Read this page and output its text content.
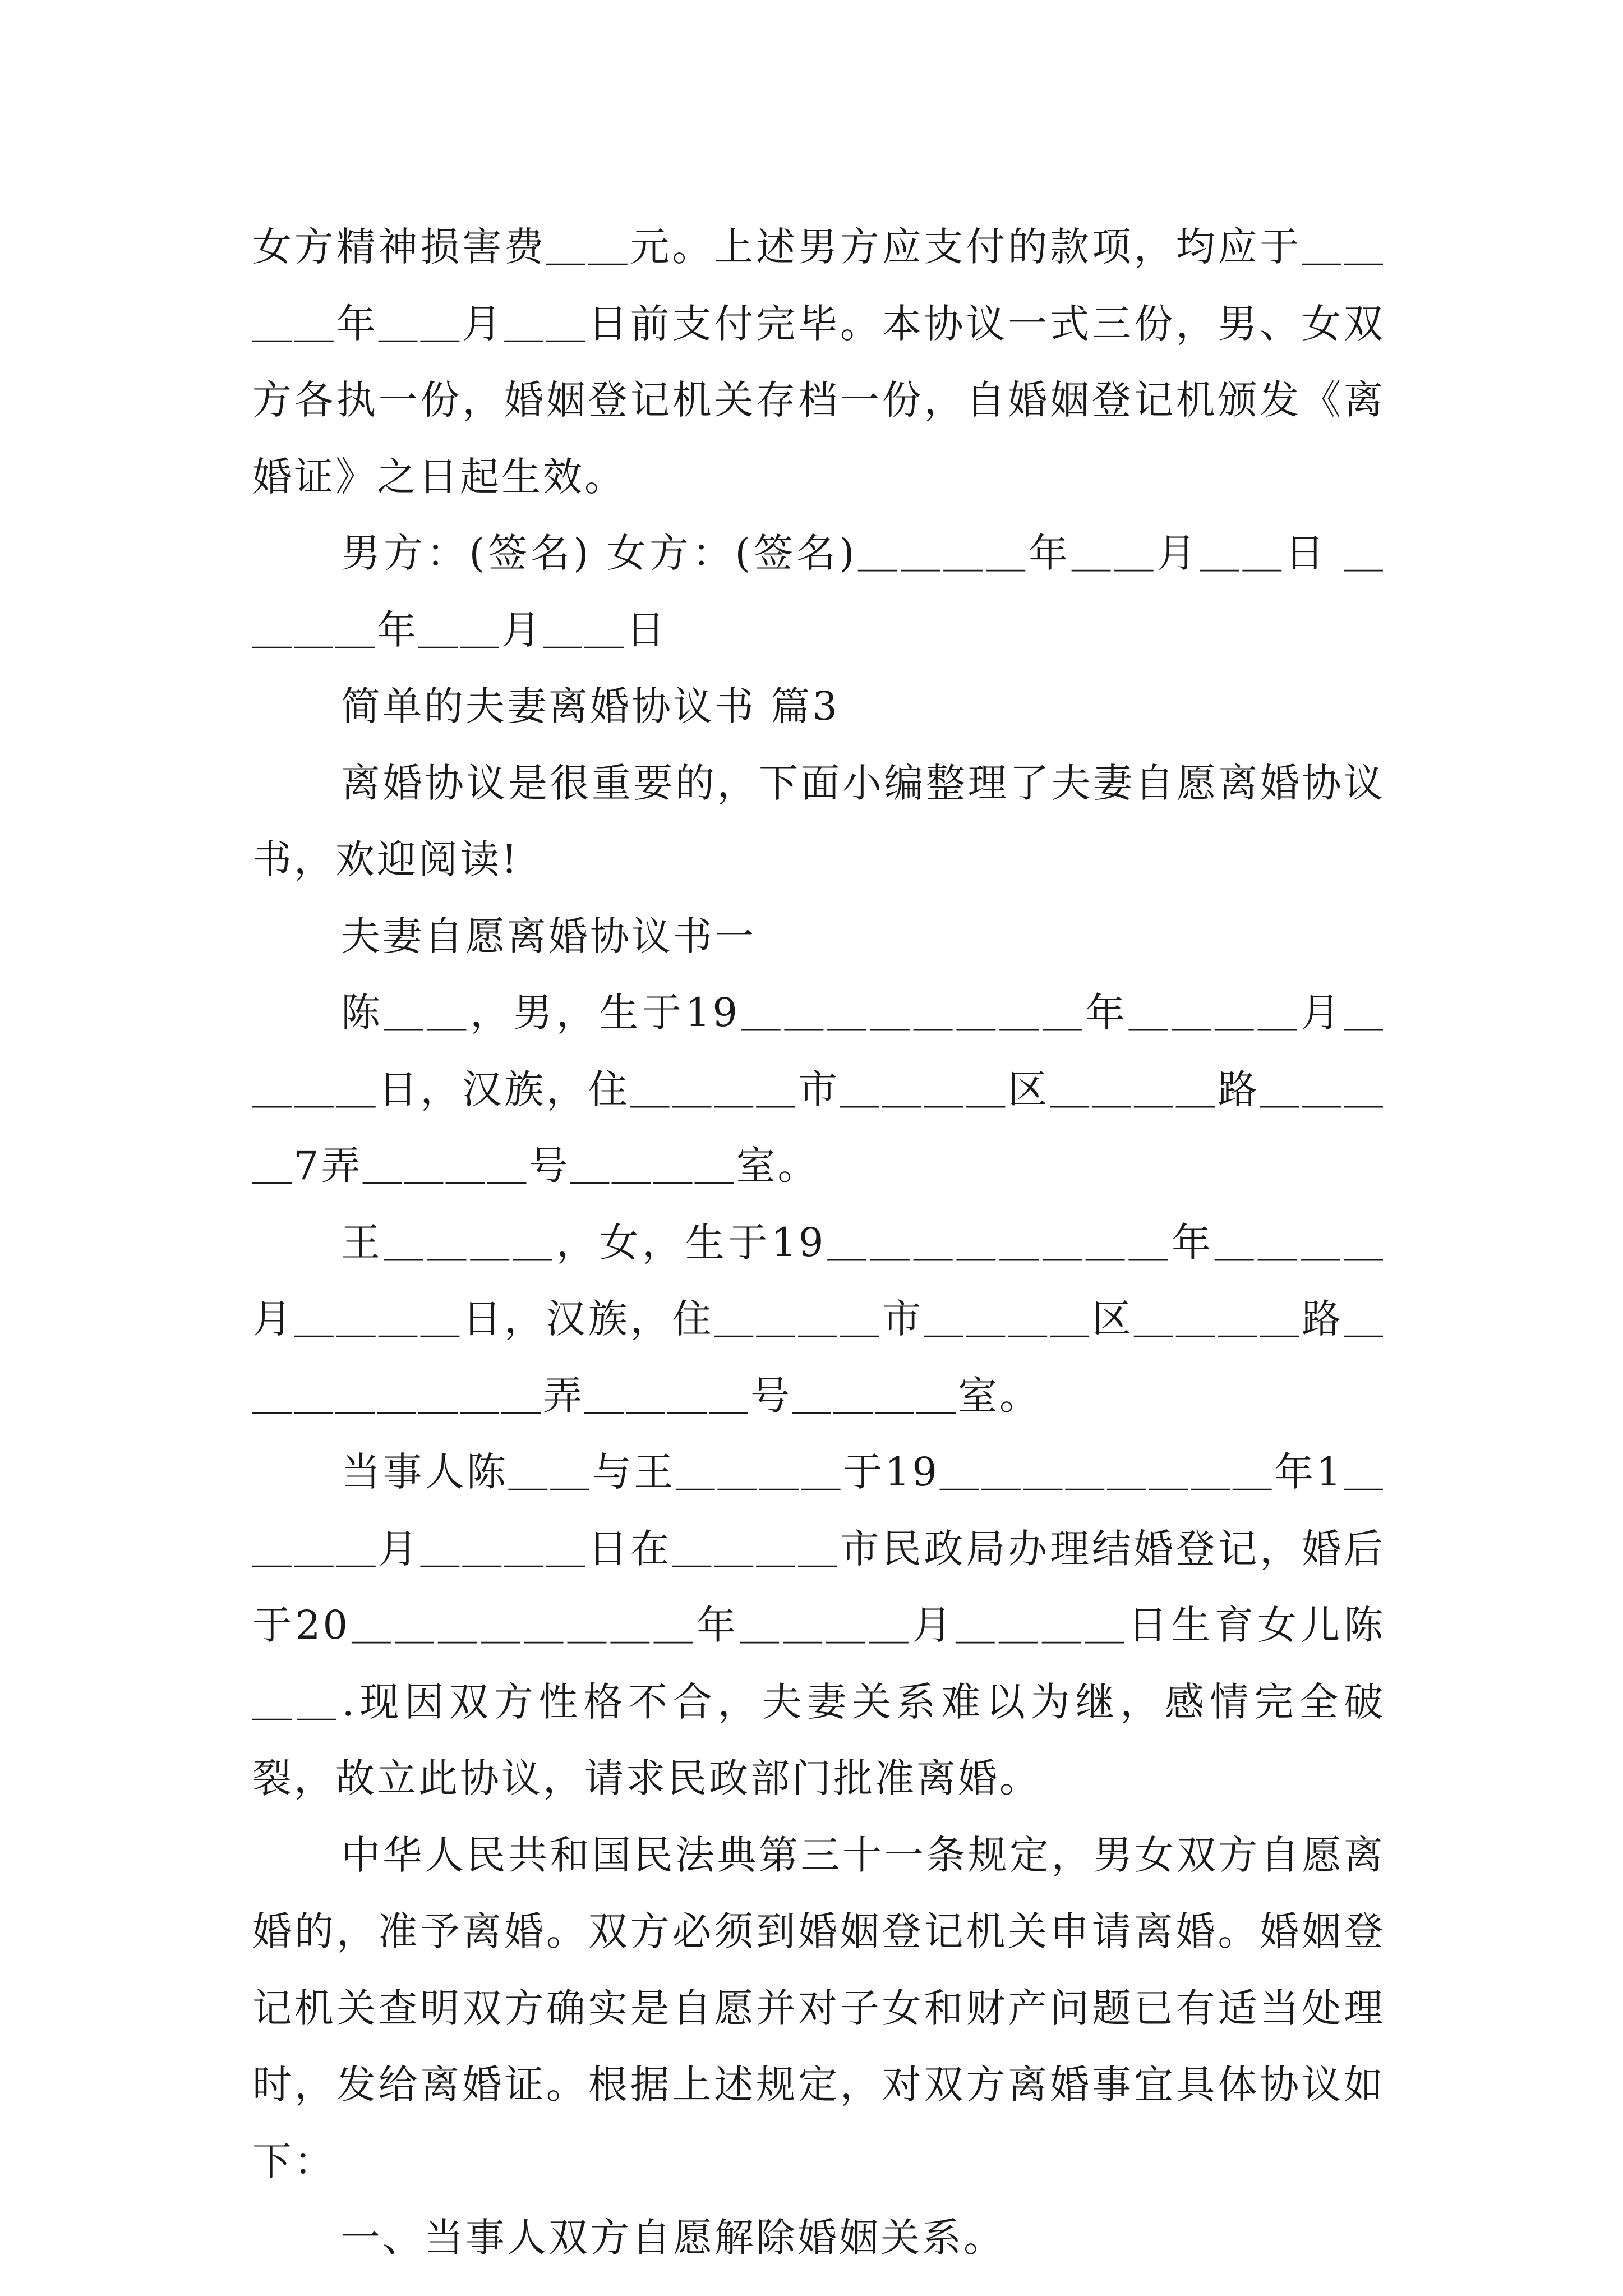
女方精神损害费＿＿元。上述男方应支付的款项，均应于＿＿＿＿年＿＿月＿＿日前支付完毕。本协议一式三份，男、女双方各执一份，婚姻登记机关存档一份，自婚姻登记机颁发《离婚证》之日起生效。

男方：(签名) 女方：(签名)＿＿＿＿年＿＿月＿＿日 ＿＿＿＿年＿＿月＿＿日

简单的夫妻离婚协议书 篇3

离婚协议是很重要的，下面小编整理了夫妻自愿离婚协议书，欢迎阅读!

夫妻自愿离婚协议书一

陈＿＿，男，生于19＿＿＿＿＿＿＿＿年＿＿＿＿月＿＿＿＿日，汉族，住＿＿＿＿市＿＿＿＿区＿＿＿＿路＿＿＿＿7弄＿＿＿＿号＿＿＿＿室。

王＿＿＿＿，女，生于19＿＿＿＿＿＿＿＿年＿＿＿＿月＿＿＿＿日，汉族，住＿＿＿＿市＿＿＿＿区＿＿＿＿路＿＿＿＿＿＿＿＿弄＿＿＿＿号＿＿＿＿室。

当事人陈＿＿与王＿＿＿＿于19＿＿＿＿＿＿＿＿年1＿＿＿＿月＿＿＿＿日在＿＿＿＿市民政局办理结婚登记，婚后于20＿＿＿＿＿＿＿＿年＿＿＿＿月＿＿＿＿日生育女儿陈＿＿.现因双方性格不合，夫妻关系难以为继，感情完全破裂，故立此协议，请求民政部门批准离婚。

中华人民共和国民法典第三十一条规定，男女双方自愿离婚的，准予离婚。双方必须到婚姻登记机关申请离婚。婚姻登记机关查明双方确实是自愿并对子女和财产问题已有适当处理时，发给离婚证。根据上述规定，对双方离婚事宜具体协议如下：

一、当事人双方自愿解除婚姻关系。
